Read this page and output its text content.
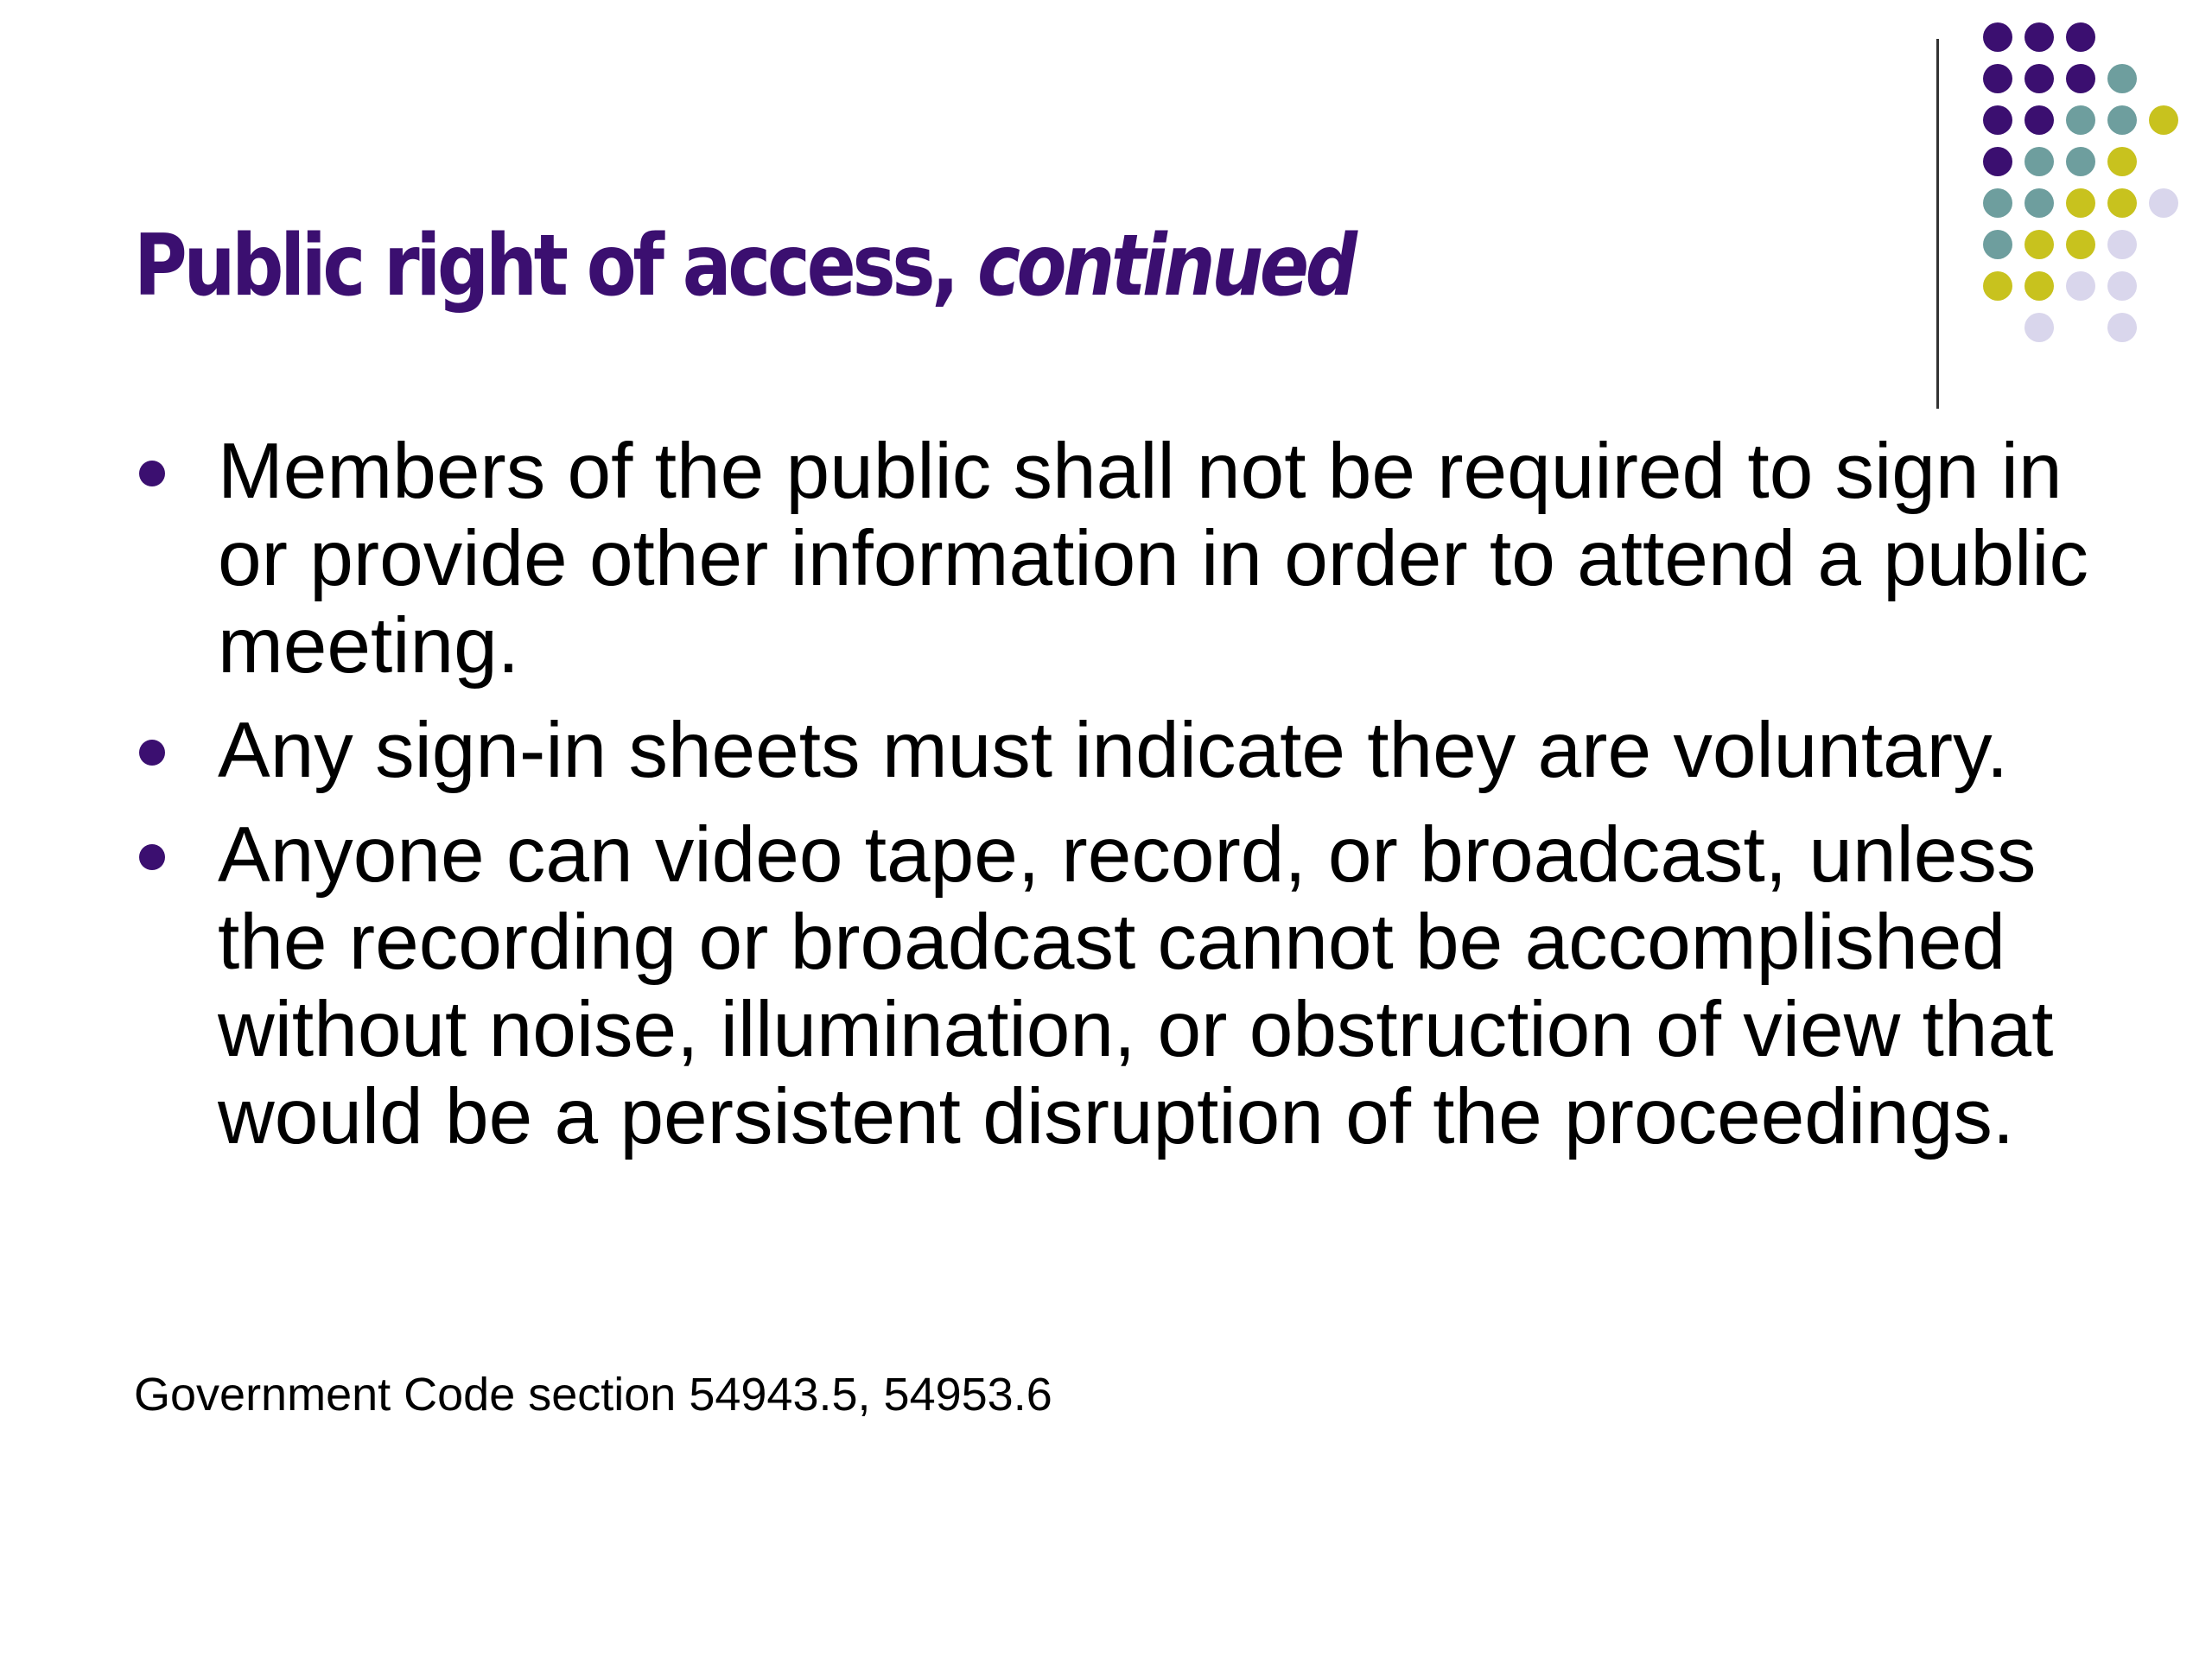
Public right of access, continued
Members of the public shall not be required to sign in or provide other information in order to attend a public meeting.
Any sign-in sheets must indicate they are voluntary.
Anyone can video tape, record, or broadcast, unless the recording or broadcast cannot be accomplished without noise, illumination, or obstruction of view that would be a persistent disruption of the proceedings.

Government Code section 54943.5, 54953.6
